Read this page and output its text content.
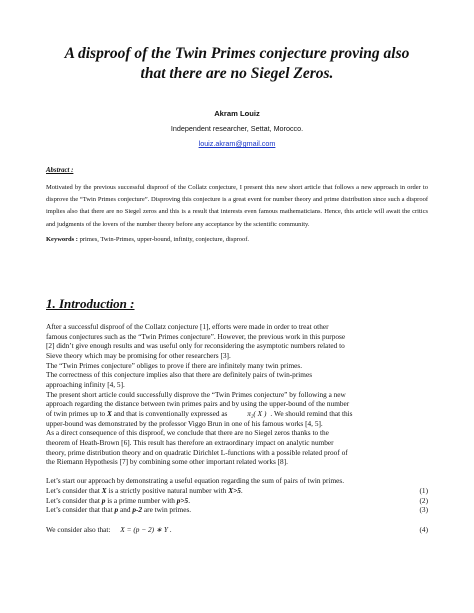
A disproof of the Twin Primes conjecture proving also
that there are no Siegel Zeros.
Akram Louiz
Independent researcher, Settat, Morocco.
louiz.akram@gmail.com
Abstract :
Motivated by the previous successful disproof of the Collatz conjecture, I present this new short article that follows a new approach in order to disprove the “Twin Primes conjecture”. Disproving this conjecture is a great event for number theory and prime distribution since such a disproof implies also that there are no Siegel zeros and this is a result that interests even famous mathematicians. Hence, this article will await the critics and judgments of the lovers of the number theory before any acceptance by the scientific community.
Keywords : primes, Twin-Primes, upper-bound, infinity, conjecture, disproof.
1. Introduction :
After a successful disproof of the Collatz conjecture [1], efforts were made in order to treat other
famous conjectures such as the “Twin Primes conjecture”. However, the previous work in this purpose
[2] didn’t give enough results and was useful only for reconsidering the asymptotic numbers related to
Sieve theory which may be promising for other researchers [3].
The “Twin Primes conjecture” obliges to prove if there are infinitely many twin primes.
The correctness of this conjecture implies also that there are definitely pairs of twin-primes
approaching infinity [4, 5].
The present short article could successfully disprove the “Twin Primes conjecture” by following a new
approach regarding the distance between twin primes pairs and by using the upper-bound of the number
of twin primes up to X and that is conventionally expressed as	π₂( X ) . We should remind that this
upper-bound was demonstrated by the professor Viggo Brun in one of his famous works [4, 5].
As a direct consequence of this disproof, we conclude that there are no Siegel zeros thanks to the
theorem of Heath-Brown [6]. This result has therefore an extraordinary impact on analytic number
theory, prime distribution theory and on quadratic Dirichlet L-functions with a possible related proof of
the Riemann Hypothesis [7] by combining some other important related works [8].
Let’s start our approach by demonstrating a useful equation regarding the sum of pairs of twin primes.
Let’s consider that X is a strictly positive natural number with X>5.	(1)
Let’s consider that p is a prime number with p>5.	(2)
Let’s consider that that p and p-2 are twin primes.	(3)
We consider also that: X = (p − 2) ∗ Y .	(4)
